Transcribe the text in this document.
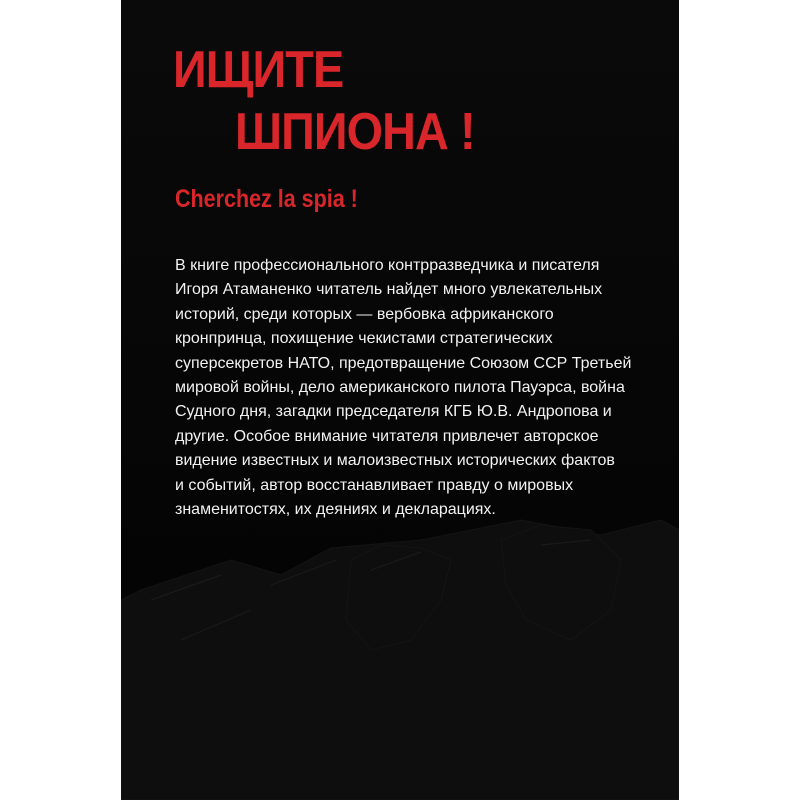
ИЩИТЕ
ШПИОНА !
Cherchez la spia !

В книге профессионального контрразведчика и писателя
Игоря Атаманенко читатель найдет много увлекательных
историй, среди которых — вербовка африканского
кронпринца, похищение чекистами стратегических
суперсекретов НАТО, предотвращение Союзом ССР Третьей
мировой войны, дело американского пилота Пауэрса, война
Судного дня, загадки председателя КГБ Ю.В. Андропова и
другие. Особое внимание читателя привлечет авторское
видение известных и малоизвестных исторических фактов
и событий, автор восстанавливает правду о мировых
знаменитостях, их деяниях и декларациях.
